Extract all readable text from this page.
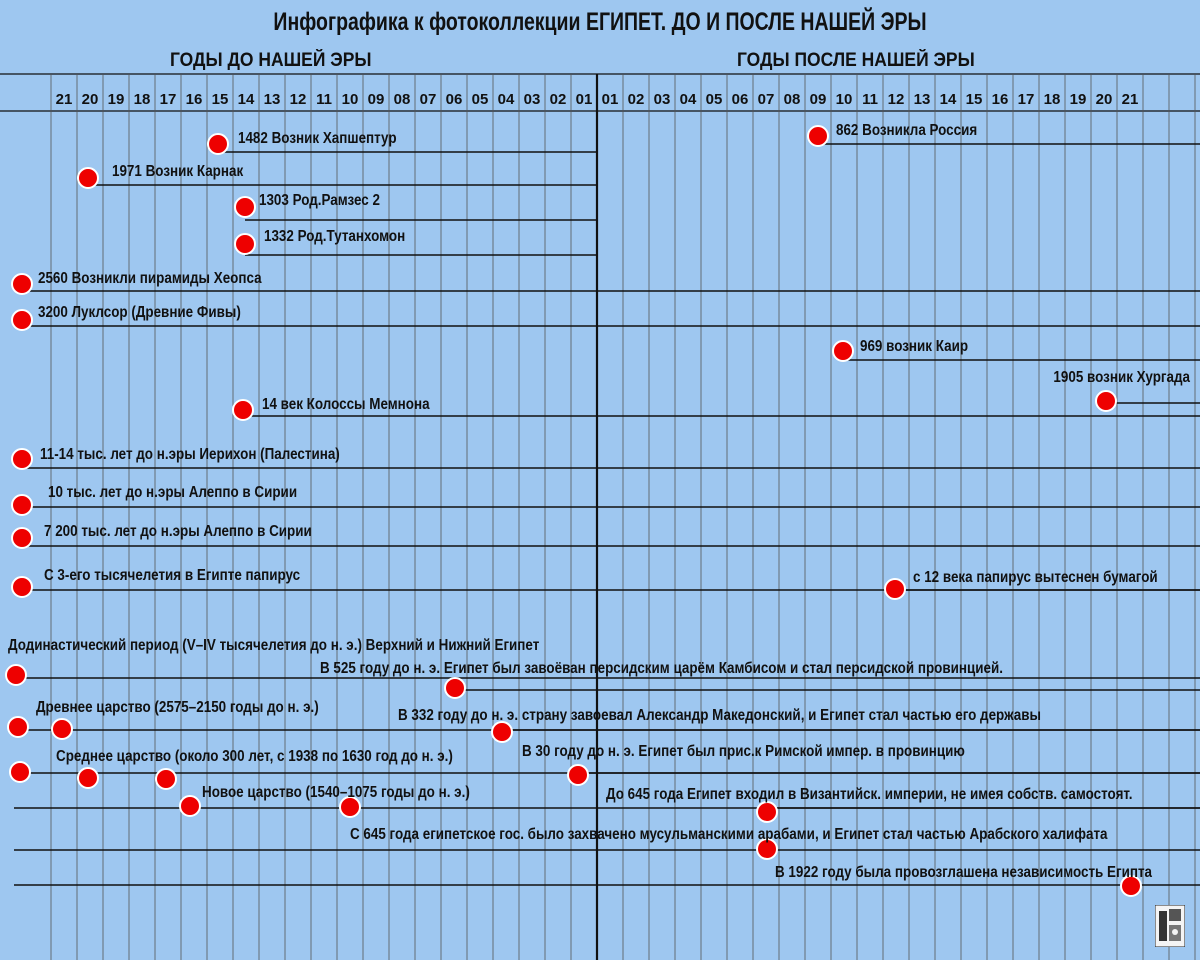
Инфографика к фотоколлекции ЕГИПЕТ. ДО И ПОСЛЕ НАШЕЙ ЭРЫ
ГОДЫ ДО НАШЕЙ ЭРЫ	ГОДЫ ПОСЛЕ НАШЕЙ ЭРЫ
21 20 19 18 17 16 15 14 13 12 11 10 09 08 07 06 05 04 03 02 01 01 02 03 04 05 06 07 08 09 10 11 12 13 14 15 16 17 18 19 20 21
1482 Возник Хапшептур
1971 Возник Карнак
1303 Род.Рамзес 2
1332 Род.Тутанхомон
2560 Возникли пирамиды Хеопса
3200 Луклсор (Древние Фивы)
862 Возникла Россия
969 возник Каир
1905 возник Хургада
14 век Колоссы Мемнона
11-14 тыс. лет до н.эры Иерихон (Палестина)
10 тыс. лет до н.эры Алеппо в Сирии
7 200 тыс. лет до н.эры Алеппо в Сирии
С 3-его тысячелетия в Египте папирус	с 12 века папирус вытеснен бумагой
Додинастический период (V–IV тысячелетия до н. э.) Верхний и Нижний Египет
В 525 году до н. э. Египет был завоёван персидским царём Камбисом и стал персидской провинцией.
Древнее царство (2575–2150 годы до н. э.)	В 332 году до н. э. страну завоевал Александр Македонский, и Египет стал частью его державы
Среднее царство (около 300 лет, с 1938 по 1630 год до н. э.)	В 30 году до н. э. Египет был прис.к Римской импер. в провинцию
Новое царство (1540–1075 годы до н. э.)	До 645 года Египет входил в Византийск. империи, не имея собств. самостоят.
С 645 года египетское гос. было захвачено мусульманскими арабами, и Египет стал частью Арабского халифата
В 1922 году была провозглашена независимость Египта
